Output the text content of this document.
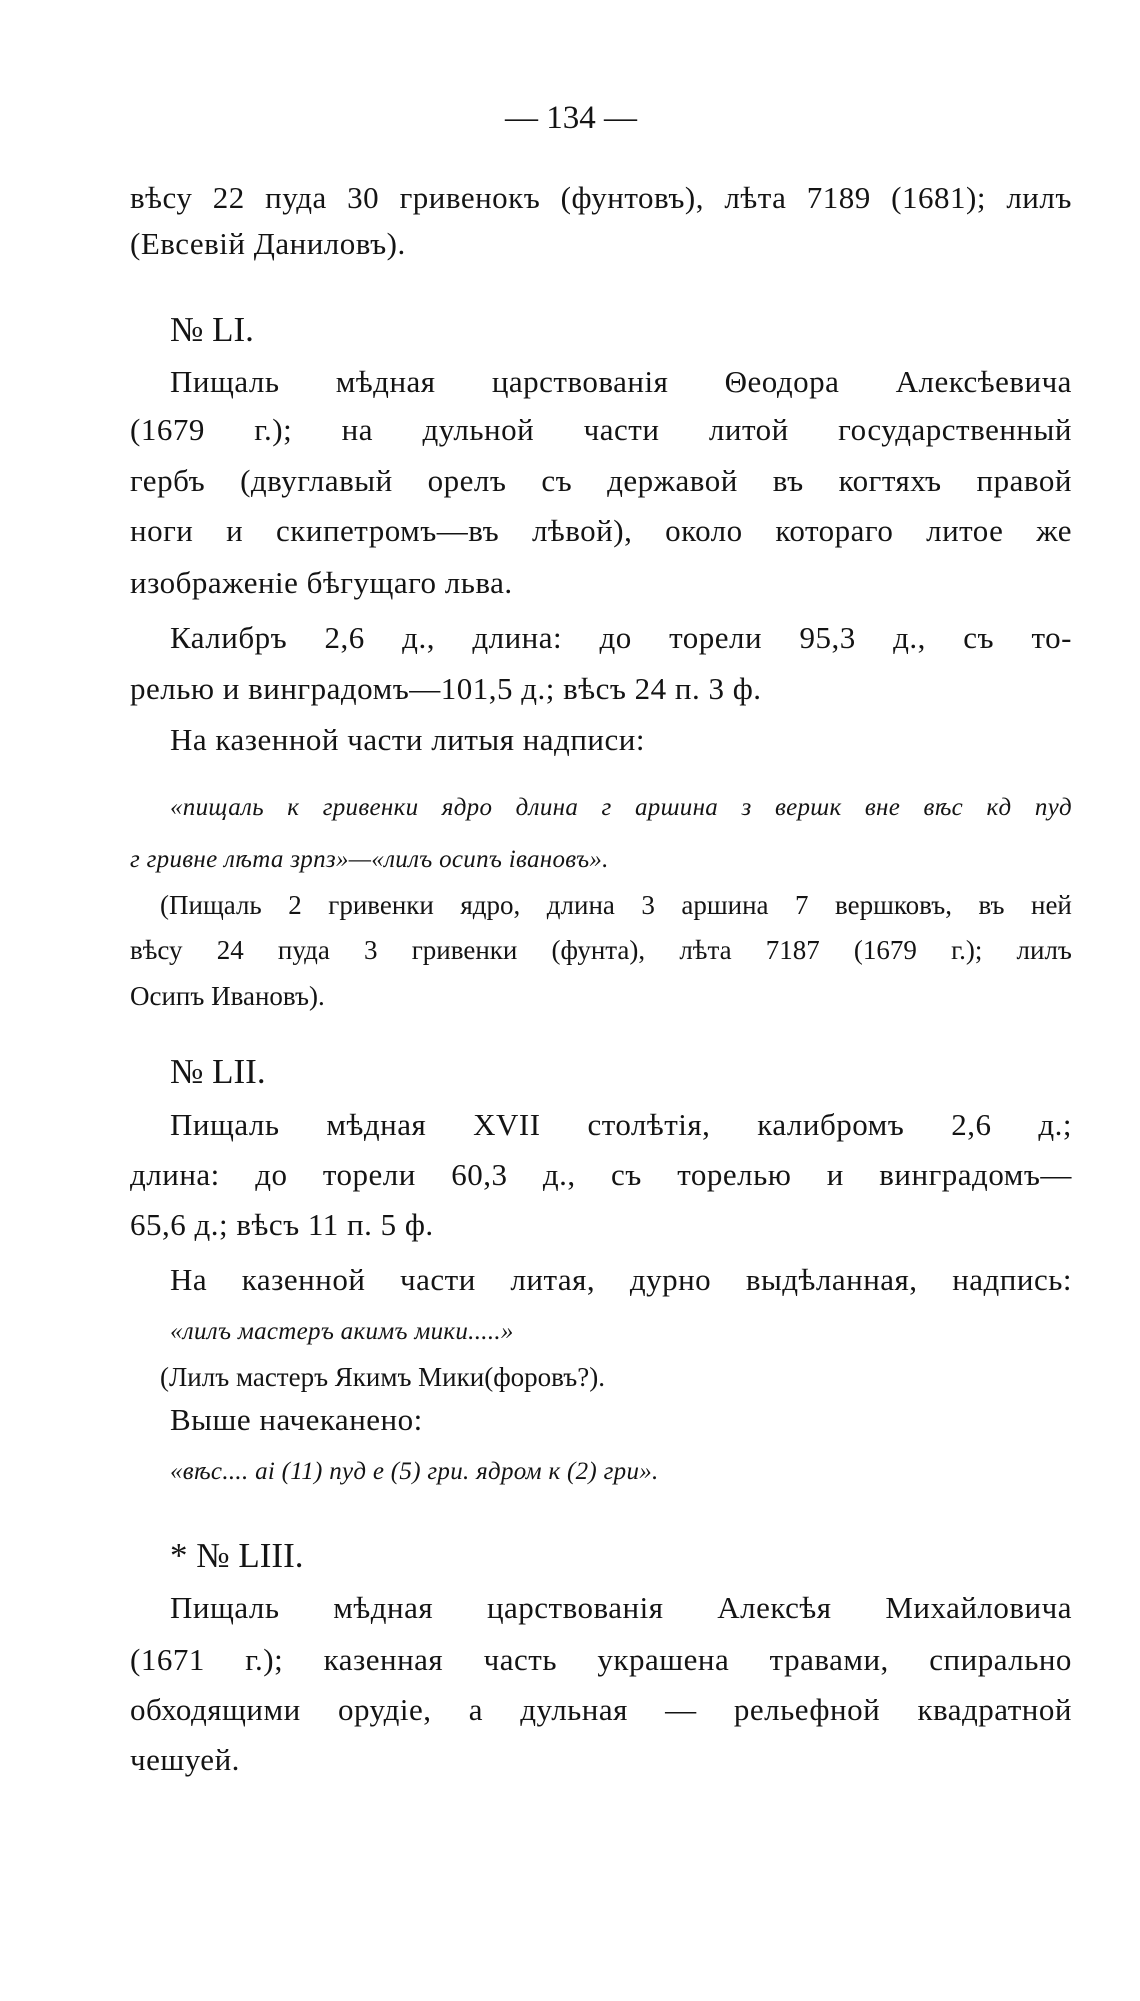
— 134 —
вѣсу 22 пуда 30 гривенокъ (фунтовъ), лѣта 7189 (1681); лилъ
(Евсевій Даниловъ).
№ LI.
Пищаль мѣдная царствованія Θеодора Алексѣевича
(1679 г.); на дульной части литой государственный
гербъ (двуглавый орелъ съ державой въ когтяхъ правой
ноги и скипетромъ—въ лѣвой), около котораго литое же
изображеніе бѣгущаго льва.
Калибръ 2,6 д., длина: до торели 95,3 д., съ то-
релью и винградомъ—101,5 д.; вѣсъ 24 п. 3 ф.
На казенной части литыя надписи:
«пищаль к гривенки ядро длина г аршина з вершк вне вѣс кд пуд
г гривне лѣта зрпз»—«лилъ осипъ івановъ».
(Пищаль 2 гривенки ядро, длина 3 аршина 7 вершковъ, въ ней
вѣсу 24 пуда 3 гривенки (фунта), лѣта 7187 (1679 г.); лилъ
Осипъ Ивановъ).
№ LII.
Пищаль мѣдная XVII столѣтія, калибромъ 2,6 д.;
длина: до торели 60,3 д., съ торелью и винградомъ—
65,6 д.; вѣсъ 11 п. 5 ф.
На казенной части литая, дурно выдѣланная, надпись:
«лилъ мастеръ акимъ мики.....»
(Лилъ мастеръ Якимъ Мики(форовъ?).
Выше начеканено:
«вѣс.... аі (11) пуд е (5) гри. ядром к (2) гри».
* № LIII.
Пищаль мѣдная царствованія Алексѣя Михайловича
(1671 г.); казенная часть украшена травами, спирально
обходящими орудіе, а дульная — рельефной квадратной
чешуей.
